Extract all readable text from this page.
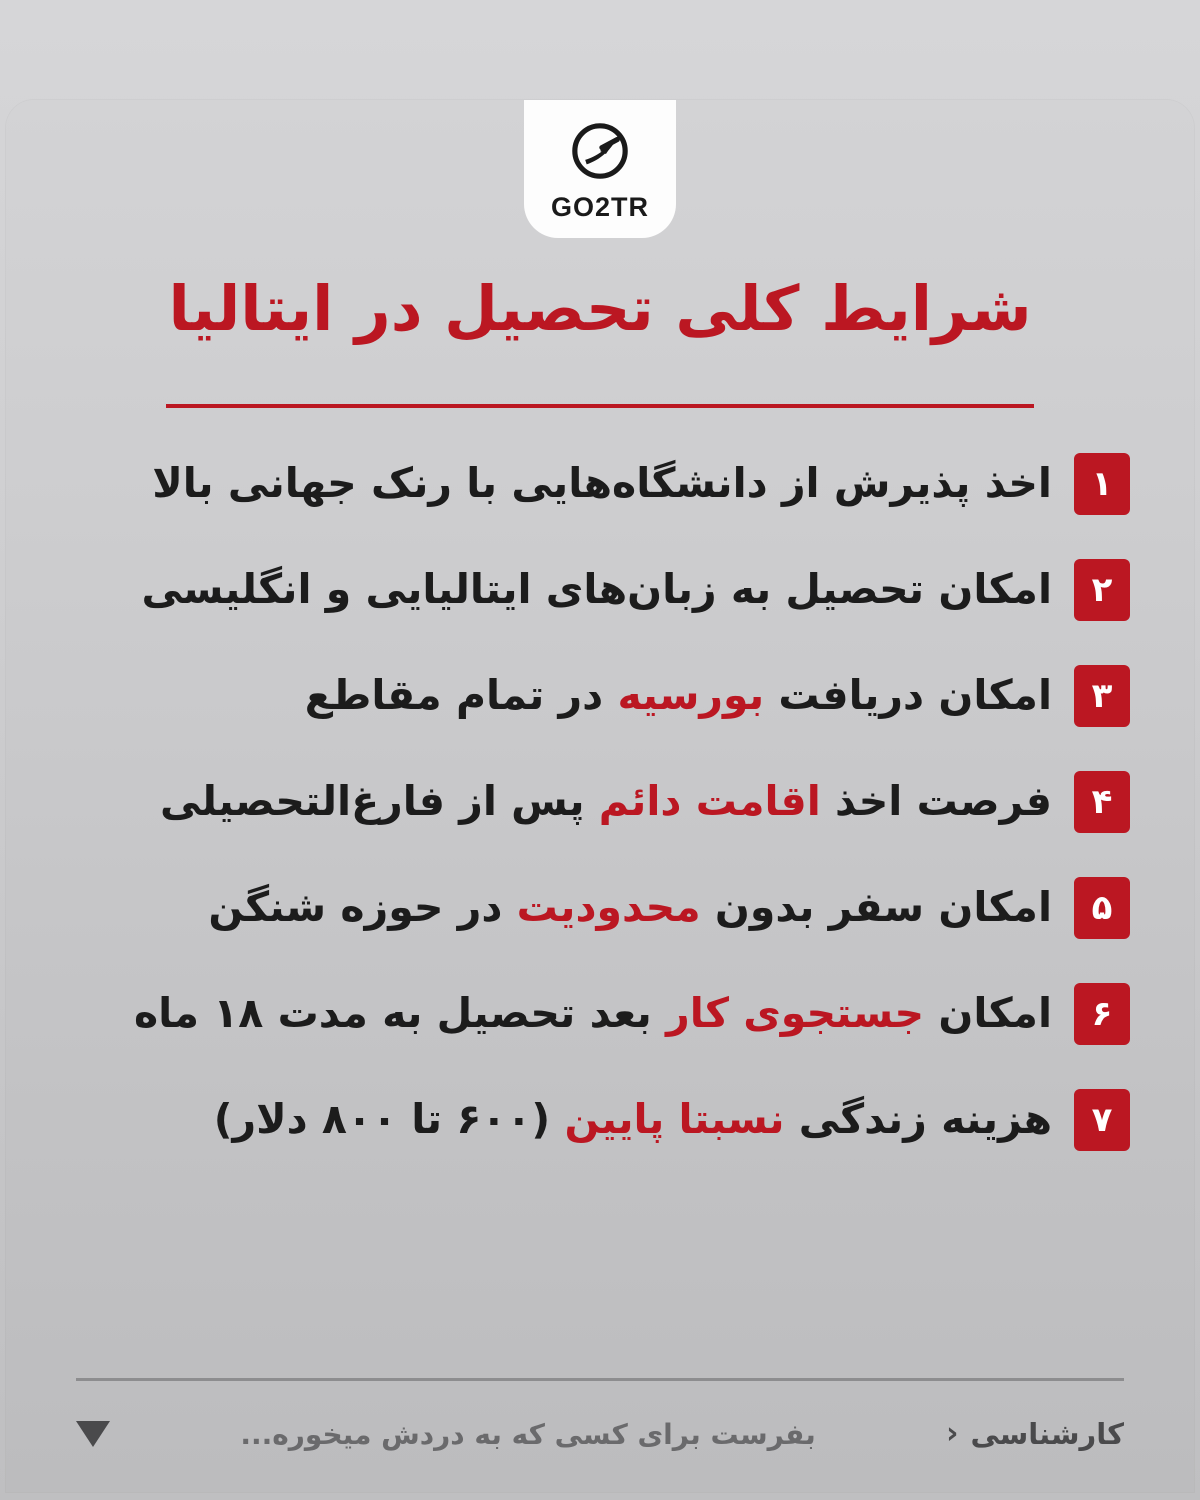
GO2TR
شرایط کلی تحصیل در ایتالیا
۱
اخذ پذیرش از دانشگاه‌هایی با رنک جهانی بالا
۲
امکان تحصیل به زبان‌های ایتالیایی و انگلیسی
۳
امکان دریافت بورسیه در تمام مقاطع
۴
فرصت اخذ اقامت دائم پس از فارغ‌التحصیلی
۵
امکان سفر بدون محدودیت در حوزه شنگن
۶
امکان جستجوی کار بعد تحصیل به مدت ۱۸ ماه
۷
هزینه زندگی نسبتا پایین (۶۰۰ تا ۸۰۰ دلار)
کارشناسی
‹
بفرست برای کسی که به دردش میخوره...
